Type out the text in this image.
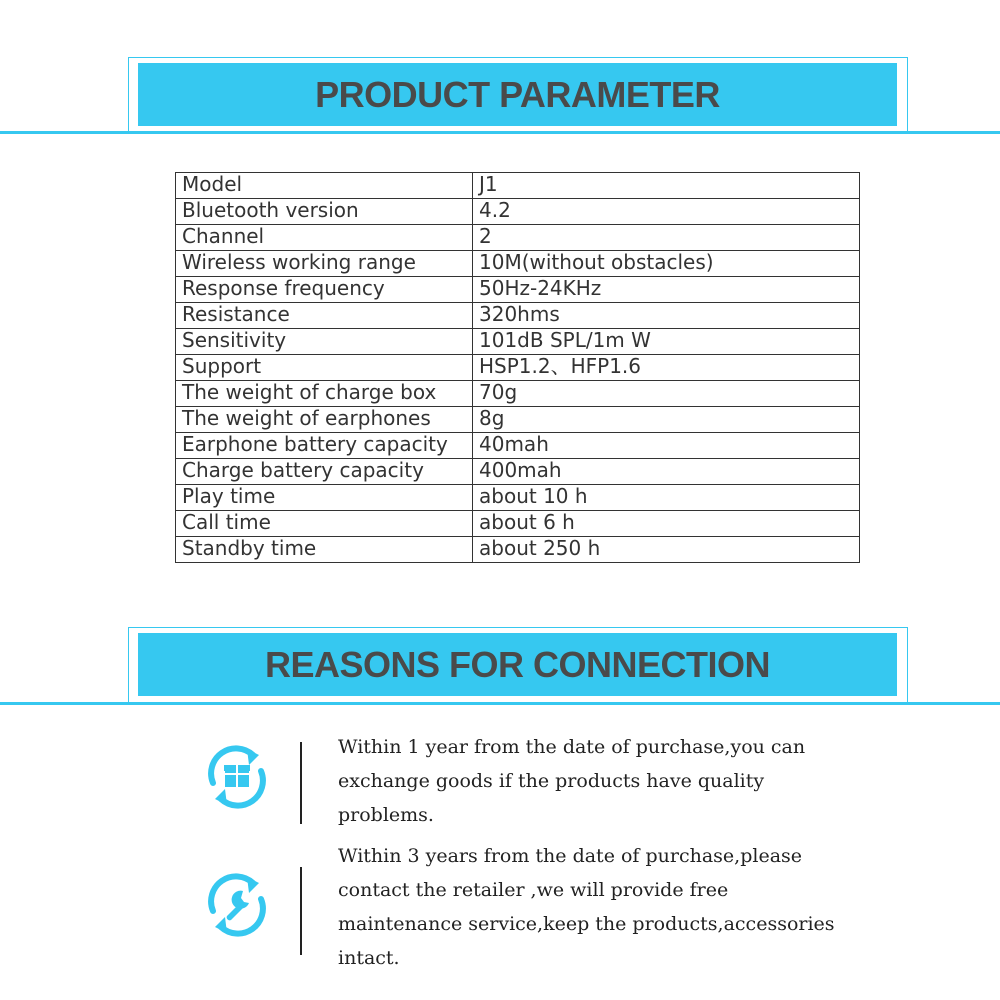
PRODUCT PARAMETER
Model	J1
Bluetooth version	4.2
Channel	2
Wireless working range	10M(without obstacles)
Response frequency	50Hz-24KHz
Resistance	320hms
Sensitivity	101dB SPL/1m W
Support	HSP1.2、HFP1.6
The weight of charge box	70g
The weight of earphones	8g
Earphone battery capacity	40mah
Charge battery capacity	400mah
Play time	about 10 h
Call time	about 6 h
Standby time	about 250 h
REASONS FOR CONNECTION
Within 1 year from the date of purchase,you can
exchange goods if the products have quality
problems.
Within 3 years from the date of purchase,please
contact the retailer ,we will provide free
maintenance service,keep the products,accessories
intact.
